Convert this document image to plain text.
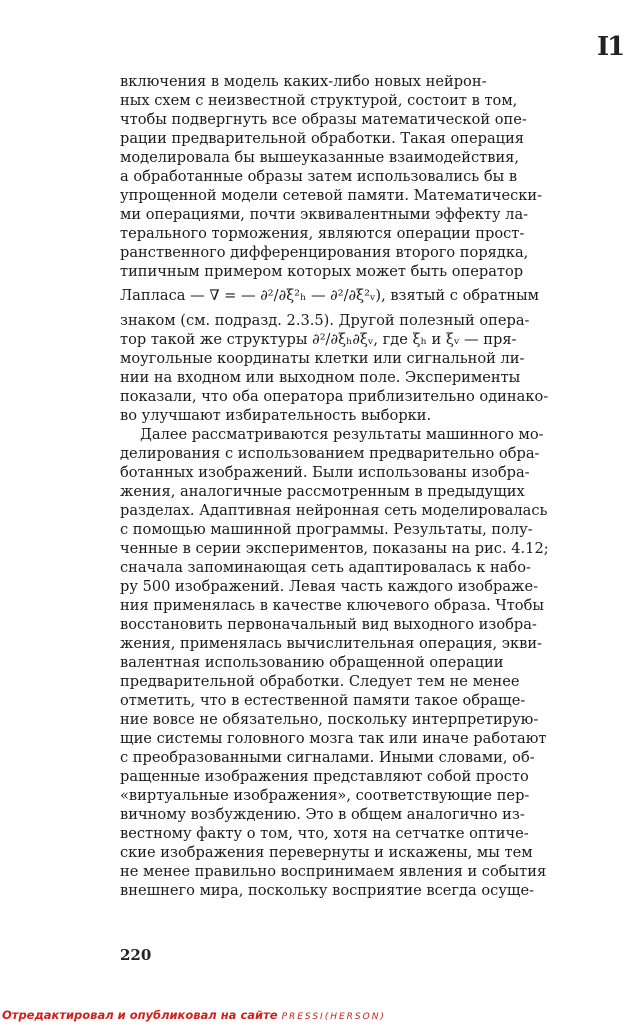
I1
включения в модель каких-либо новых нейрон-
ных схем с неизвестной структурой, состоит в том,
чтобы подвергнуть все образы математической опе-
рации предварительной обработки. Такая операция
моделировала бы вышеуказанные взаимодействия,
а обработанные образы затем использовались бы в
упрощенной модели сетевой памяти. Математически-
ми операциями, почти эквивалентными эффекту ла-
терального торможения, являются операции прост-
ранственного дифференцирования второго порядка,
типичным примером которых может быть оператор
Лапласа — ∇ = — ∂²/∂ξ²ₕ — ∂²/∂ξ²ᵥ), взятый с обратным
знаком (см. подразд. 2.3.5). Другой полезный опера-
тор такой же структуры ∂²/∂ξₕ∂ξᵥ, где ξₕ и ξᵥ — пря-
моугольные координаты клетки или сигнальной ли-
нии на входном или выходном поле. Эксперименты
показали, что оба оператора приблизительно одинако-
во улучшают избирательность выборки.
Далее рассматриваются результаты машинного мо-
делирования с использованием предварительно обра-
ботанных изображений. Были использованы изобра-
жения, аналогичные рассмотренным в предыдущих
разделах. Адаптивная нейронная сеть моделировалась
с помощью машинной программы. Результаты, полу-
ченные в серии экспериментов, показаны на рис. 4.12;
сначала запоминающая сеть адаптировалась к набо-
ру 500 изображений. Левая часть каждого изображе-
ния применялась в качестве ключевого образа. Чтобы
восстановить первоначальный вид выходного изобра-
жения, применялась вычислительная операция, экви-
валентная использованию обращенной операции
предварительной обработки. Следует тем не менее
отметить, что в естественной памяти такое обраще-
ние вовсе не обязательно, поскольку интерпретирую-
щие системы головного мозга так или иначе работают
с преобразованными сигналами. Иными словами, об-
ращенные изображения представляют собой просто
«виртуальные изображения», соответствующие пер-
вичному возбуждению. Это в общем аналогично из-
вестному факту о том, что, хотя на сетчатке оптиче-
ские изображения перевернуты и искажены, мы тем
не менее правильно воспринимаем явления и события
внешнего мира, поскольку восприятие всегда осуще-
220
Отредактировал и опубликовал на сайте PRESSI(HERSON)
